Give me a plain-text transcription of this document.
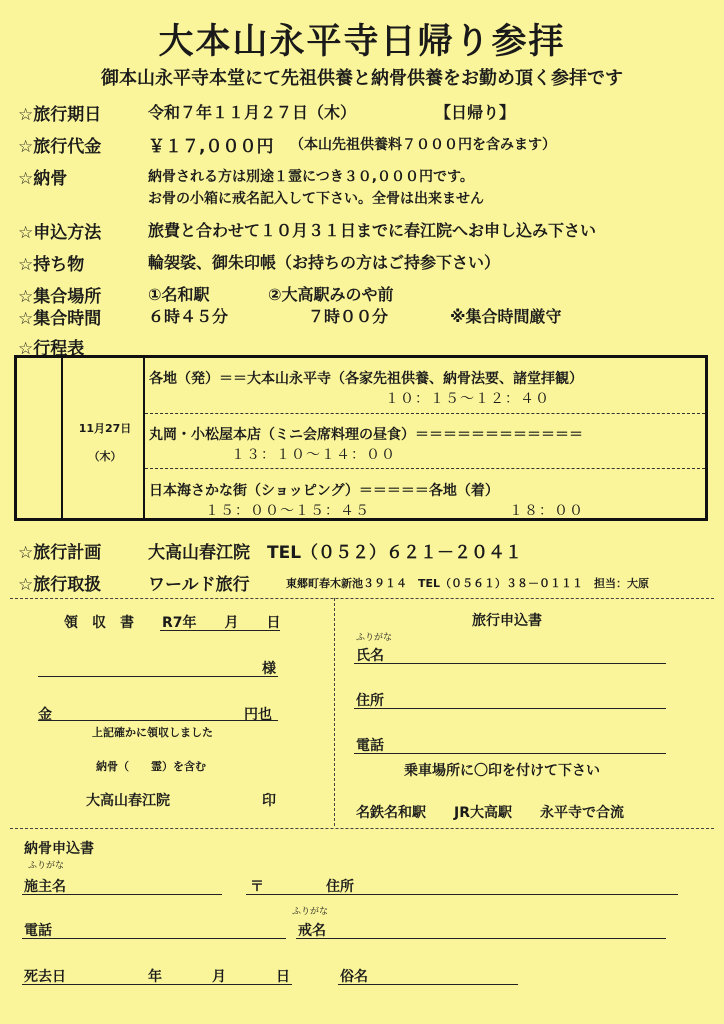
大本山永平寺日帰り参拝
御本山永平寺本堂にて先祖供養と納骨供養をお勤め頂く参拝です
☆旅行期日	令和７年１１月２７日（木）	【日帰り】
☆旅行代金	￥１７,０００円 （本山先祖供養料７０００円を含みます）
☆納骨	納骨される方は別途１霊につき３０,０００円です。
お骨の小箱に戒名記入して下さい。全骨は出来ません
☆申込方法	旅費と合わせて１０月３１日までに春江院へお申し込み下さい
☆持ち物	輪袈裟、御朱印帳（お持ちの方はご持参下さい）
☆集合場所	①名和駅	②大高駅みのや前
☆集合時間	６時４５分	７時００分	※集合時間厳守
☆行程表
11月27日
（木）
各地（発）＝＝大本山永平寺（各家先祖供養、納骨法要、諸堂拝観）
１０：１５～１２：４０
丸岡・小松屋本店（ミニ会席料理の昼食）＝＝＝＝＝＝＝＝＝＝＝＝
１３：１０～１４：００
日本海さかな街（ショッピング）＝＝＝＝＝各地（着）
１５：００～１５：４５	１８：００
☆旅行計画	大高山春江院　TEL（０５２）６２１－２０４１
☆旅行取扱	ワールド旅行	東郷町春木新池３９１４　TEL（０５６１）３８－０１１１　担当：大原
領　収　書 R7年　　月　　日
様
金	円也
上記確かに領収しました
納骨（　　霊）を含む
大高山春江院	印
旅行申込書
ふりがな
氏名
住所
電話
乗車場所に〇印を付けて下さい
名鉄名和駅　　JR大高駅　　永平寺で合流
納骨申込書
ふりがな
施主名	〒	住所
ふりがな
電話	戒名
死去日	年	月	日	俗名
